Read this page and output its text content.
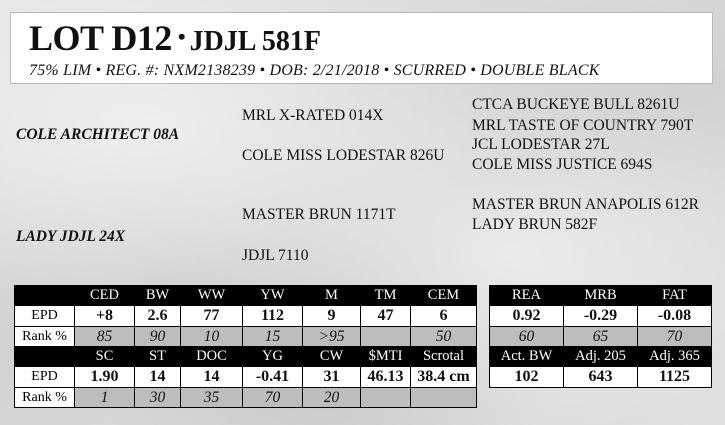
LOT D12 • JDJL 581F
75% LIM • REG. #: NXM2138239 • DOB: 2/21/2018 • SCURRED • DOUBLE BLACK
COLE ARCHITECT 08A
LADY JDJL 24X
MRL X-RATED 014X
COLE MISS LODESTAR 826U
MASTER BRUN 1171T
JDJL 7110
CTCA BUCKEYE BULL 8261U
MRL TASTE OF COUNTRY 790T
JCL LODESTAR 27L
COLE MISS JUSTICE 694S
MASTER BRUN ANAPOLIS 612R
LADY BRUN 582F
	CED	BW	WW	YW	M	TM	CEM
EPD	+8	2.6	77	112	9	47	6
Rank %	85	90	10	15	>95		50
	SC	ST	DOC	YG	CW	$MTI	Scrotal
EPD	1.90	14	14	-0.41	31	46.13	38.4 cm
Rank %	1	30	35	70	20		
REA	MRB	FAT
0.92	-0.29	-0.08
60	65	70
Act. BW	Adj. 205	Adj. 365
102	643	1125
